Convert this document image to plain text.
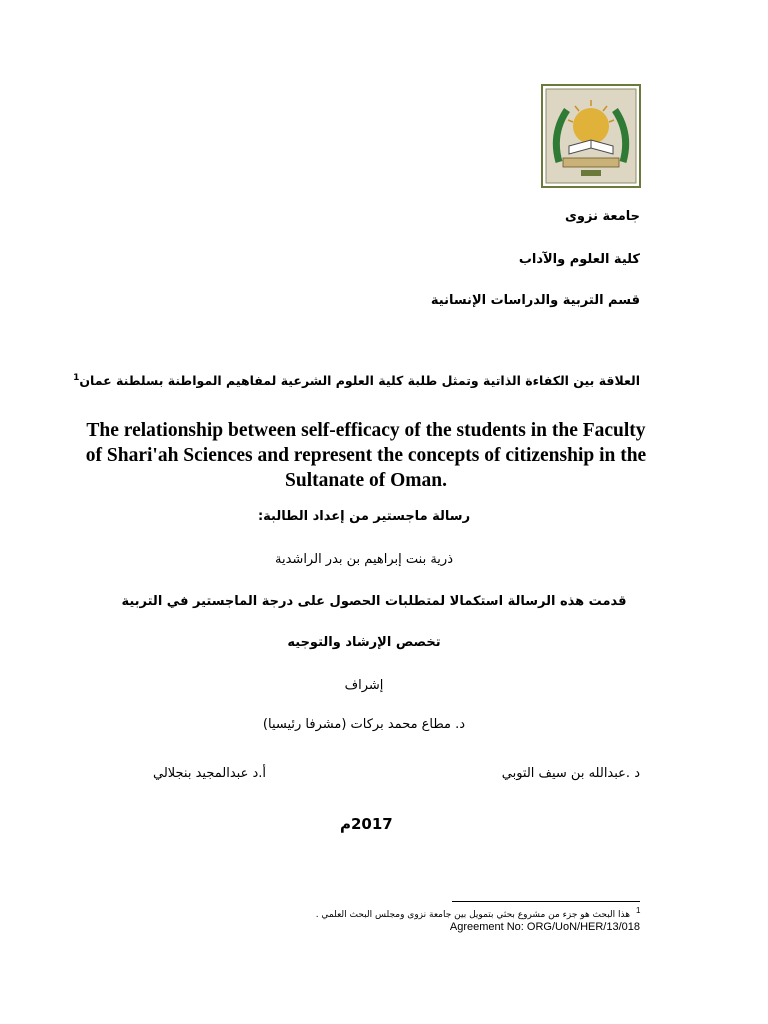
جامعة نزوى
كلية العلوم والآداب
قسم التربية والدراسات الإنسانية
العلاقة بين الكفاءة الذاتية وتمثل طلبة كلية العلوم الشرعية لمفاهيم المواطنة بسلطنة عمان$^1$
The relationship between self-efficacy of the students in the Faculty of Shari'ah Sciences and represent the concepts of citizenship in the Sultanate of Oman.
رسالة ماجستير من إعداد الطالبة:
ذرية بنت إبراهيم بن بدر الراشدية
قدمت هذه الرسالة استكمالا لمتطلبات الحصول على درجة الماجستير في التربية
تخصص الإرشاد والتوجيه
إشراف
د. مطاع محمد بركات (مشرفا رئيسيا)
د .عبدالله بن سيف التوبي
أ.د عبدالمجيد بنجلالي
2017م
1
هذا البحث هو جزء من مشروع بحثي بتمويل بين جامعة نزوى ومجلس البحث العلمي .
Agreement No: ORG/UoN/HER/13/018
